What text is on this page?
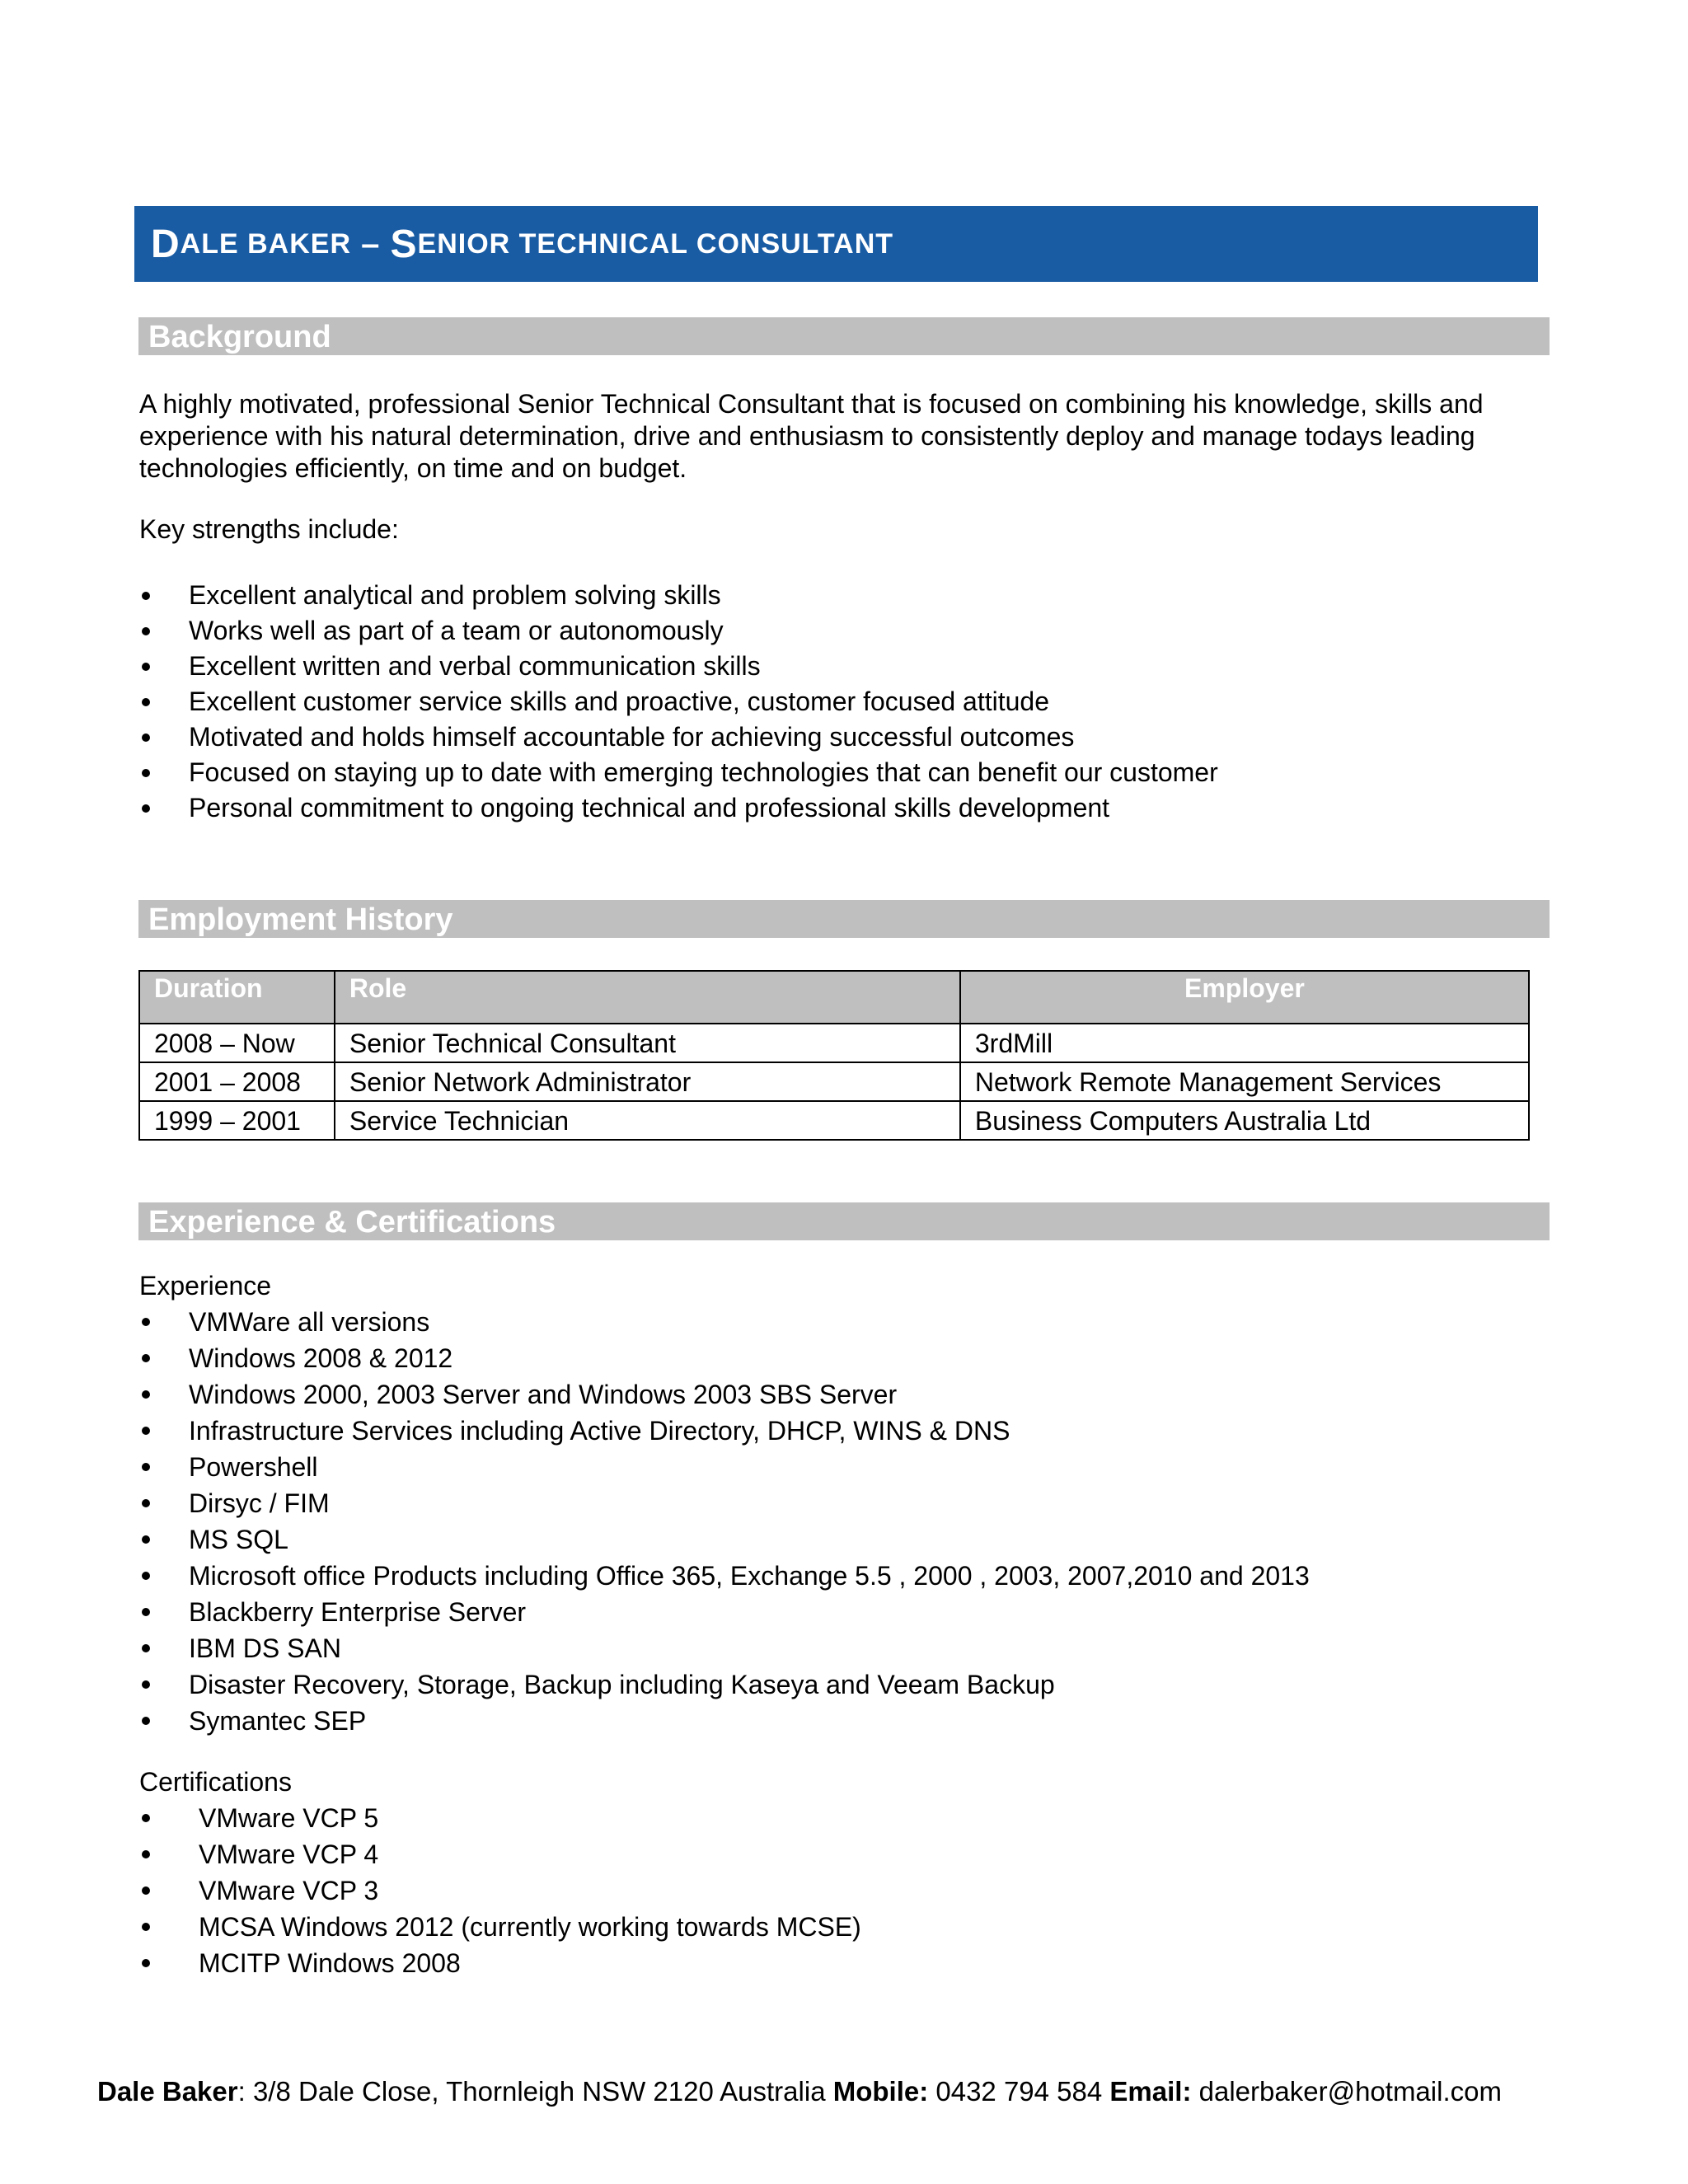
D ALE BAKER – S ENIOR TECHNICAL CONSULTANT
Background

A highly motivated, professional Senior Technical Consultant that is focused on combining his knowledge, skills and experience with his natural determination, drive and enthusiasm to consistently deploy and manage todays leading technologies efficiently, on time and on budget.

Key strengths include:
Excellent analytical and problem solving skills
Works well as part of a team or autonomously
Excellent written and verbal communication skills
Excellent customer service skills and proactive, customer focused attitude
Motivated and holds himself accountable for achieving successful outcomes
Focused on staying up to date with emerging technologies that can benefit our customer
Personal commitment to ongoing technical and professional skills development
Employment History
Duration	Role	Employer
2008 – Now	Senior Technical Consultant	3rdMill
2001 – 2008	Senior Network Administrator	Network Remote Management Services
1999 – 2001	Service Technician	Business Computers Australia Ltd
Experience & Certifications
Experience
VMWare all versions
Windows 2008 & 2012
Windows 2000, 2003 Server and Windows 2003 SBS Server
Infrastructure Services including Active Directory, DHCP, WINS & DNS
Powershell
Dirsyc / FIM
MS SQL
Microsoft office Products including Office 365, Exchange 5.5 , 2000 , 2003, 2007,2010 and 2013
Blackberry Enterprise Server
IBM DS SAN
Disaster Recovery, Storage, Backup including Kaseya and Veeam Backup
Symantec SEP
Certifications
VMware VCP 5
VMware VCP 4
VMware VCP 3
MCSA Windows 2012 (currently working towards MCSE)
MCITP Windows 2008
Dale Baker: 3/8 Dale Close, Thornleigh NSW 2120 Australia Mobile: 0432 794 584 Email: dalerbaker@hotmail.com
